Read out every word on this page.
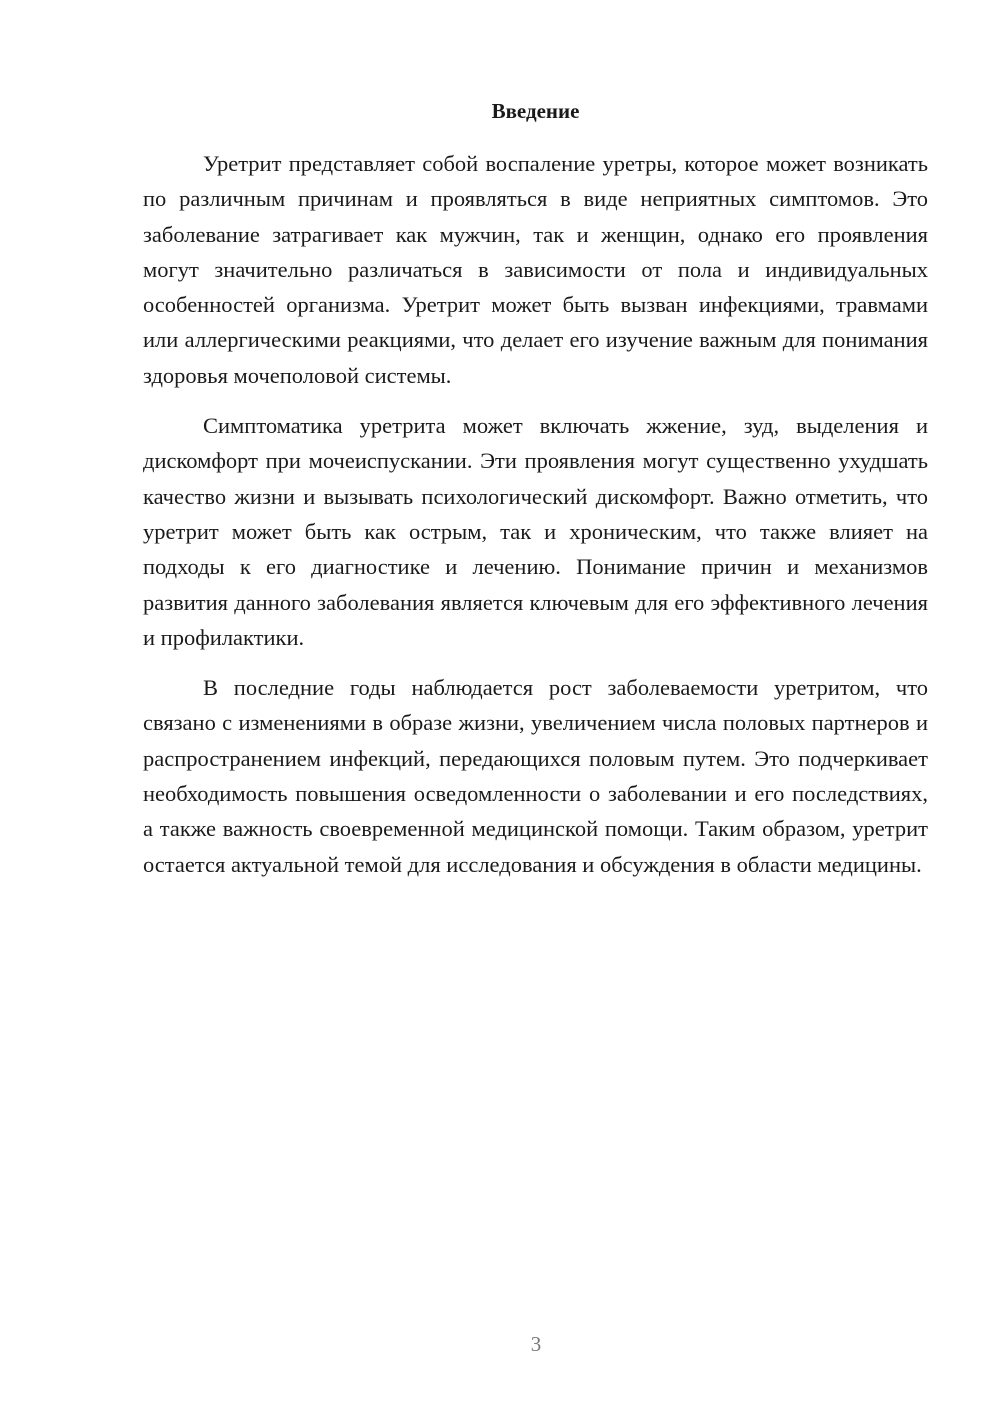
Введение

Уретрит представляет собой воспаление уретры, которое может возникать по различным причинам и проявляться в виде неприятных симптомов. Это заболевание затрагивает как мужчин, так и женщин, однако его проявления могут значительно различаться в зависимости от пола и индивидуальных особенностей организма. Уретрит может быть вызван инфекциями, травмами или аллергическими реакциями, что делает его изучение важным для понимания здоровья мочеполовой системы.

Симптоматика уретрита может включать жжение, зуд, выделения и дискомфорт при мочеиспускании. Эти проявления могут существенно ухудшать качество жизни и вызывать психологический дискомфорт. Важно отметить, что уретрит может быть как острым, так и хроническим, что также влияет на подходы к его диагностике и лечению. Понимание причин и механизмов развития данного заболевания является ключевым для его эффективного лечения и профилактики.

В последние годы наблюдается рост заболеваемости уретритом, что связано с изменениями в образе жизни, увеличением числа половых партнеров и распространением инфекций, передающихся половым путем. Это подчеркивает необходимость повышения осведомленности о заболевании и его последствиях, а также важность своевременной медицинской помощи. Таким образом, уретрит остается актуальной темой для исследования и обсуждения в области медицины.

3
